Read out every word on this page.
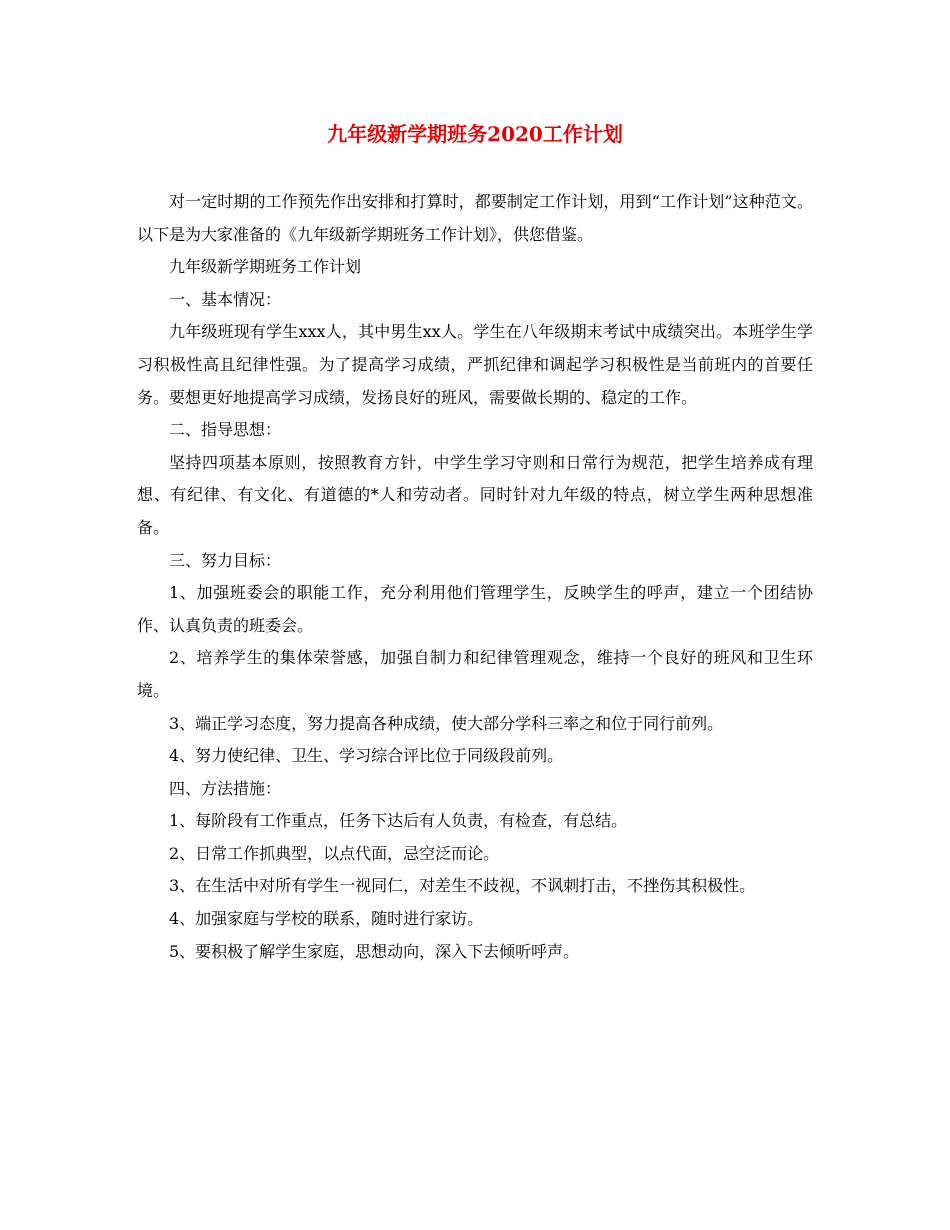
九年级新学期班务2020工作计划

对一定时期的工作预先作出安排和打算时，都要制定工作计划，用到“工作计划”这种范文。以下是为大家准备的《九年级新学期班务工作计划》，供您借鉴。

九年级新学期班务工作计划

一、基本情况：

九年级班现有学生xxx人，其中男生xx人。学生在八年级期末考试中成绩突出。本班学生学习积极性高且纪律性强。为了提高学习成绩，严抓纪律和调起学习积极性是当前班内的首要任务。要想更好地提高学习成绩，发扬良好的班风，需要做长期的、稳定的工作。

二、指导思想：

坚持四项基本原则，按照教育方针，中学生学习守则和日常行为规范，把学生培养成有理想、有纪律、有文化、有道德的*人和劳动者。同时针对九年级的特点，树立学生两种思想准备。

三、努力目标：

1、加强班委会的职能工作，充分利用他们管理学生，反映学生的呼声，建立一个团结协作、认真负责的班委会。

2、培养学生的集体荣誉感，加强自制力和纪律管理观念，维持一个良好的班风和卫生环境。

3、端正学习态度，努力提高各种成绩，使大部分学科三率之和位于同行前列。

4、努力使纪律、卫生、学习综合评比位于同级段前列。

四、方法措施：

1、每阶段有工作重点，任务下达后有人负责，有检查，有总结。

2、日常工作抓典型，以点代面，忌空泛而论。

3、在生活中对所有学生一视同仁，对差生不歧视，不讽刺打击，不挫伤其积极性。

4、加强家庭与学校的联系，随时进行家访。

5、要积极了解学生家庭，思想动向，深入下去倾听呼声。
